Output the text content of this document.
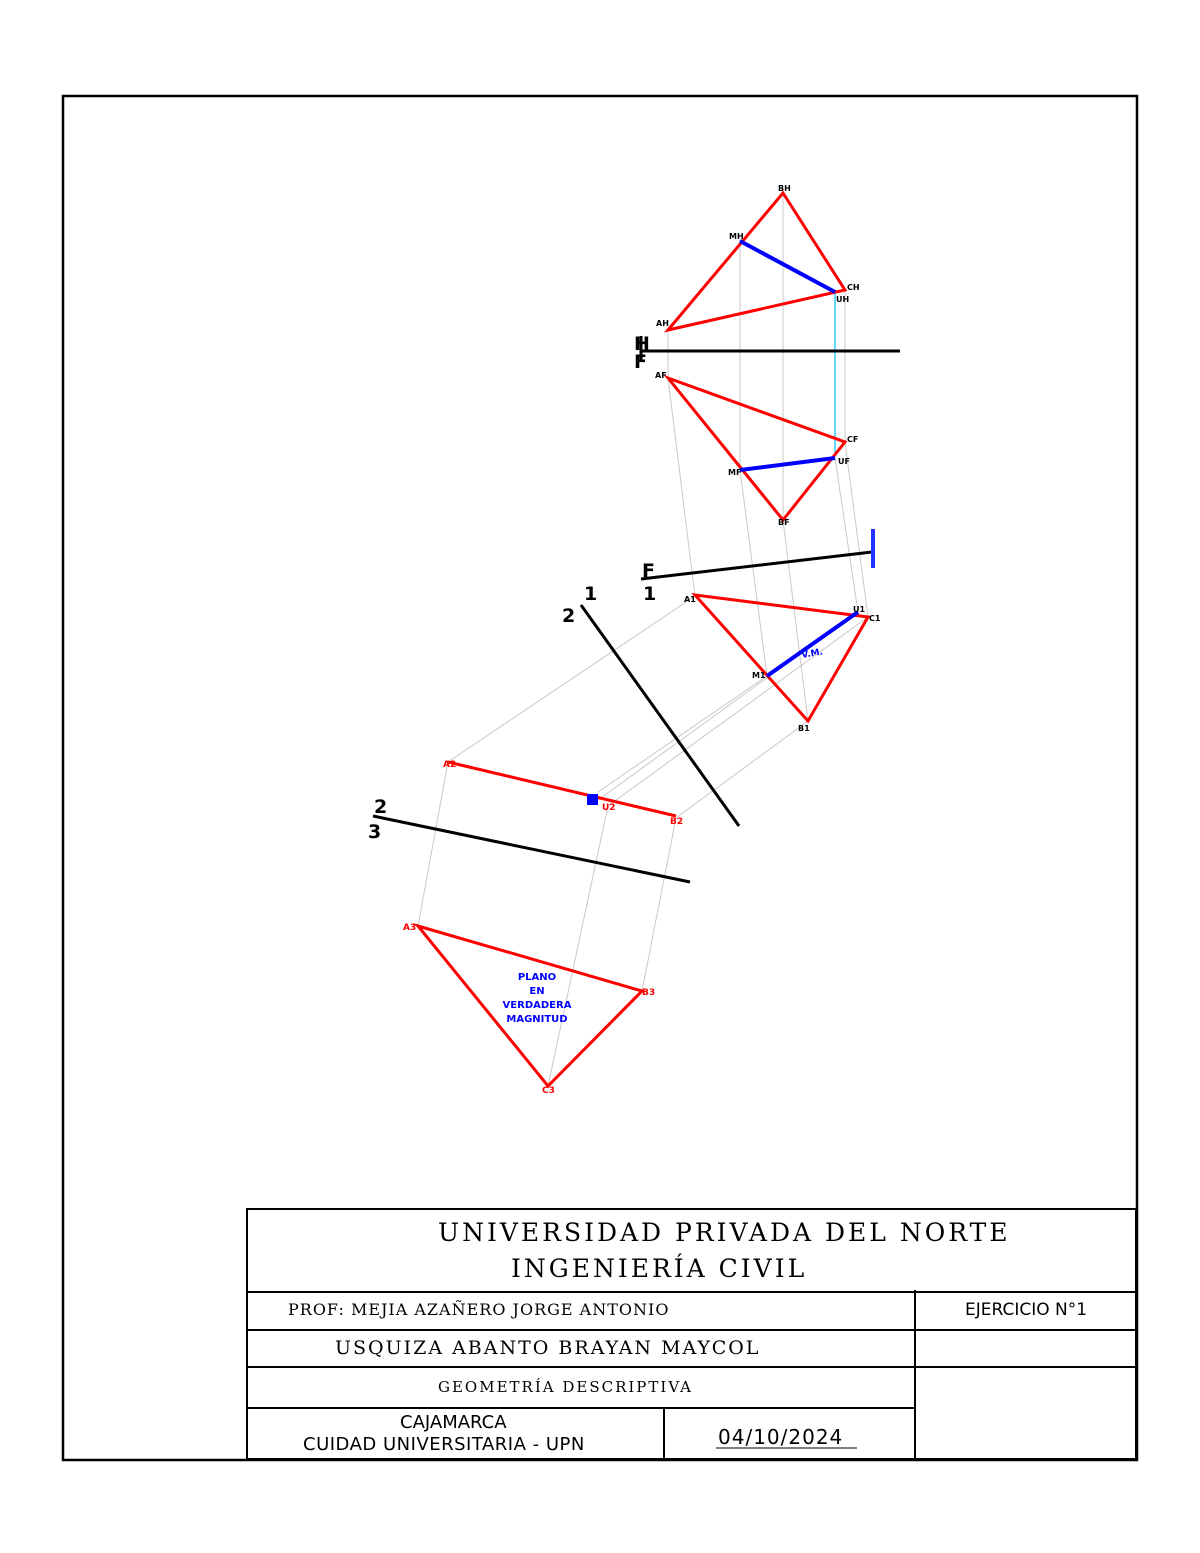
H
F
F
1
1
2
2
3
AH
BH
CH
MH
UH
AF
BF
CF
MF
UF
A1
B1
C1
M1
U1
A2
B2
U2
A3
B3
C3
V.M.
PLANO
EN
VERDADERA
MAGNITUD
UNIVERSIDAD PRIVADA DEL NORTE
INGENIERÍA CIVIL
PROF: MEJIA AZAÑERO JORGE ANTONIO	EJERCICIO N°1
USQUIZA ABANTO BRAYAN MAYCOL
GEOMETRÍA DESCRIPTIVA
CAJAMARCA
CUIDAD UNIVERSITARIA - UPN	04/10/2024
